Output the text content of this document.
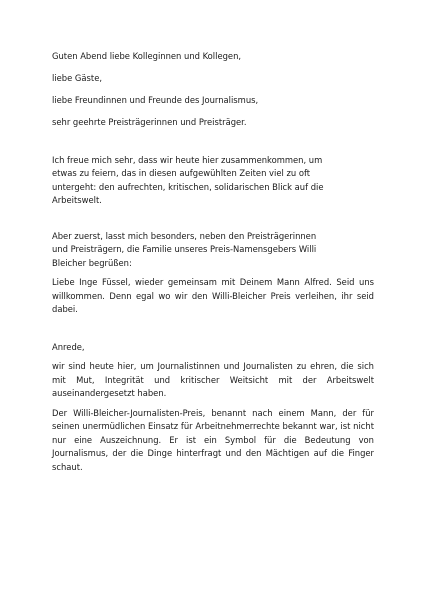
Guten Abend liebe Kolleginnen und Kollegen,

liebe Gäste,

liebe Freundinnen und Freunde des Journalismus,

sehr geehrte Preisträgerinnen und Preisträger.

Ich freue mich sehr, dass wir heute hier zusammenkommen, um
etwas zu feiern, das in diesen aufgewühlten Zeiten viel zu oft
untergeht: den aufrechten, kritischen, solidarischen Blick auf die
Arbeitswelt.

Aber zuerst, lasst mich besonders, neben den Preisträgerinnen
und Preisträgern, die Familie unseres Preis-Namensgebers Willi
Bleicher begrüßen:

Liebe Inge Füssel, wieder gemeinsam mit Deinem Mann Alfred. Seid uns willkommen. Denn egal wo wir den Willi-Bleicher Preis verleihen, ihr seid dabei.

Anrede,

wir sind heute hier, um Journalistinnen und Journalisten zu ehren, die sich mit Mut, Integrität und kritischer Weitsicht mit der Arbeitswelt auseinandergesetzt haben.

Der Willi-Bleicher-Journalisten-Preis, benannt nach einem Mann, der für seinen unermüdlichen Einsatz für Arbeitnehmerrechte bekannt war, ist nicht nur eine Auszeichnung. Er ist ein Symbol für die Bedeutung von Journalismus, der die Dinge hinterfragt und den Mächtigen auf die Finger schaut.
